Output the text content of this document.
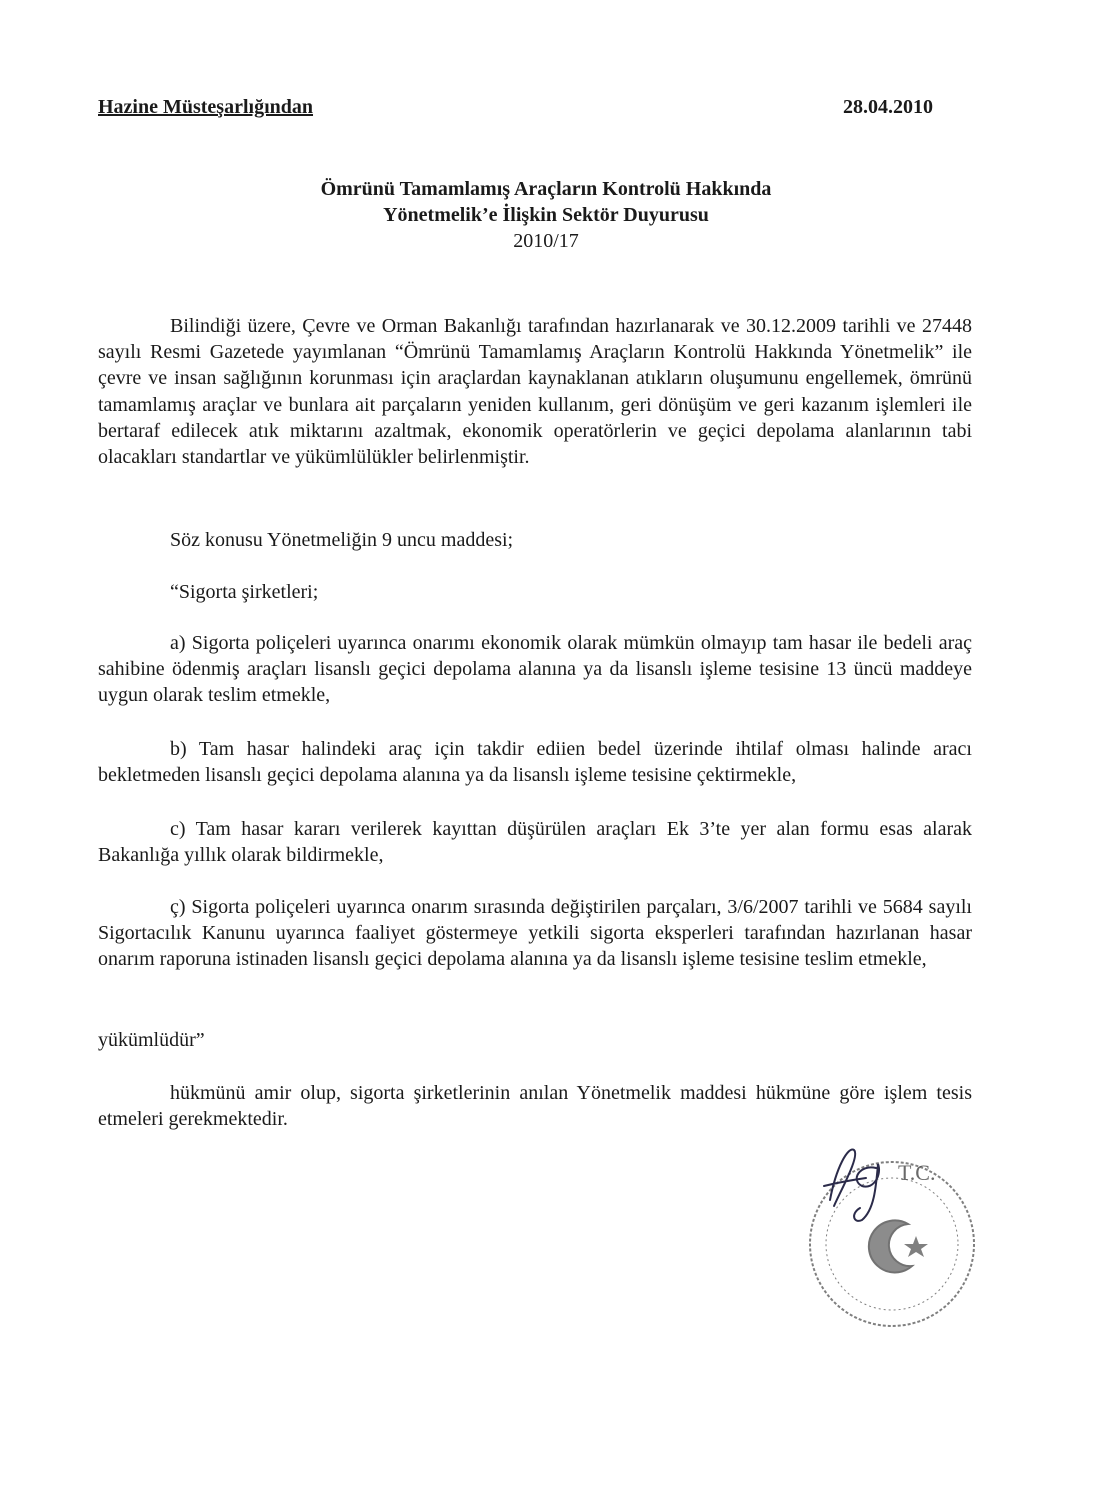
Hazine Müsteşarlığından	28.04.2010
Ömrünü Tamamlamış Araçların Kontrolü Hakkında
Yönetmelik’e İlişkin Sektör Duyurusu
2010/17

Bilindiği üzere, Çevre ve Orman Bakanlığı tarafından hazırlanarak ve 30.12.2009 tarihli ve 27448 sayılı Resmi Gazetede yayımlanan “Ömrünü Tamamlamış Araçların Kontrolü Hakkında Yönetmelik” ile çevre ve insan sağlığının korunması için araçlardan kaynaklanan atıkların oluşumunu engellemek, ömrünü tamamlamış araçlar ve bunlara ait parçaların yeniden kullanım, geri dönüşüm ve geri kazanım işlemleri ile bertaraf edilecek atık miktarını azaltmak, ekonomik operatörlerin ve geçici depolama alanlarının tabi olacakları standartlar ve yükümlülükler belirlenmiştir.

Söz konusu Yönetmeliğin 9 uncu maddesi;

“Sigorta şirketleri;

a) Sigorta poliçeleri uyarınca onarımı ekonomik olarak mümkün olmayıp tam hasar ile bedeli araç sahibine ödenmiş araçları lisanslı geçici depolama alanına ya da lisanslı işleme tesisine 13 üncü maddeye uygun olarak teslim etmekle,

b) Tam hasar halindeki araç için takdir ediien bedel üzerinde ihtilaf olması halinde aracı bekletmeden lisanslı geçici depolama alanına ya da lisanslı işleme tesisine çektirmekle,

c) Tam hasar kararı verilerek kayıttan düşürülen araçları Ek 3’te yer alan formu esas alarak Bakanlığa yıllık olarak bildirmekle,

ç) Sigorta poliçeleri uyarınca onarım sırasında değiştirilen parçaları, 3/6/2007 tarihli ve 5684 sayılı Sigortacılık Kanunu uyarınca faaliyet göstermeye yetkili sigorta eksperleri tarafından hazırlanan hasar onarım raporuna istinaden lisanslı geçici depolama alanına ya da lisanslı işleme tesisine teslim etmekle,

yükümlüdür”

hükmünü amir olup, sigorta şirketlerinin anılan Yönetmelik maddesi hükmüne göre işlem tesis etmeleri gerekmektedir.

T.C.
